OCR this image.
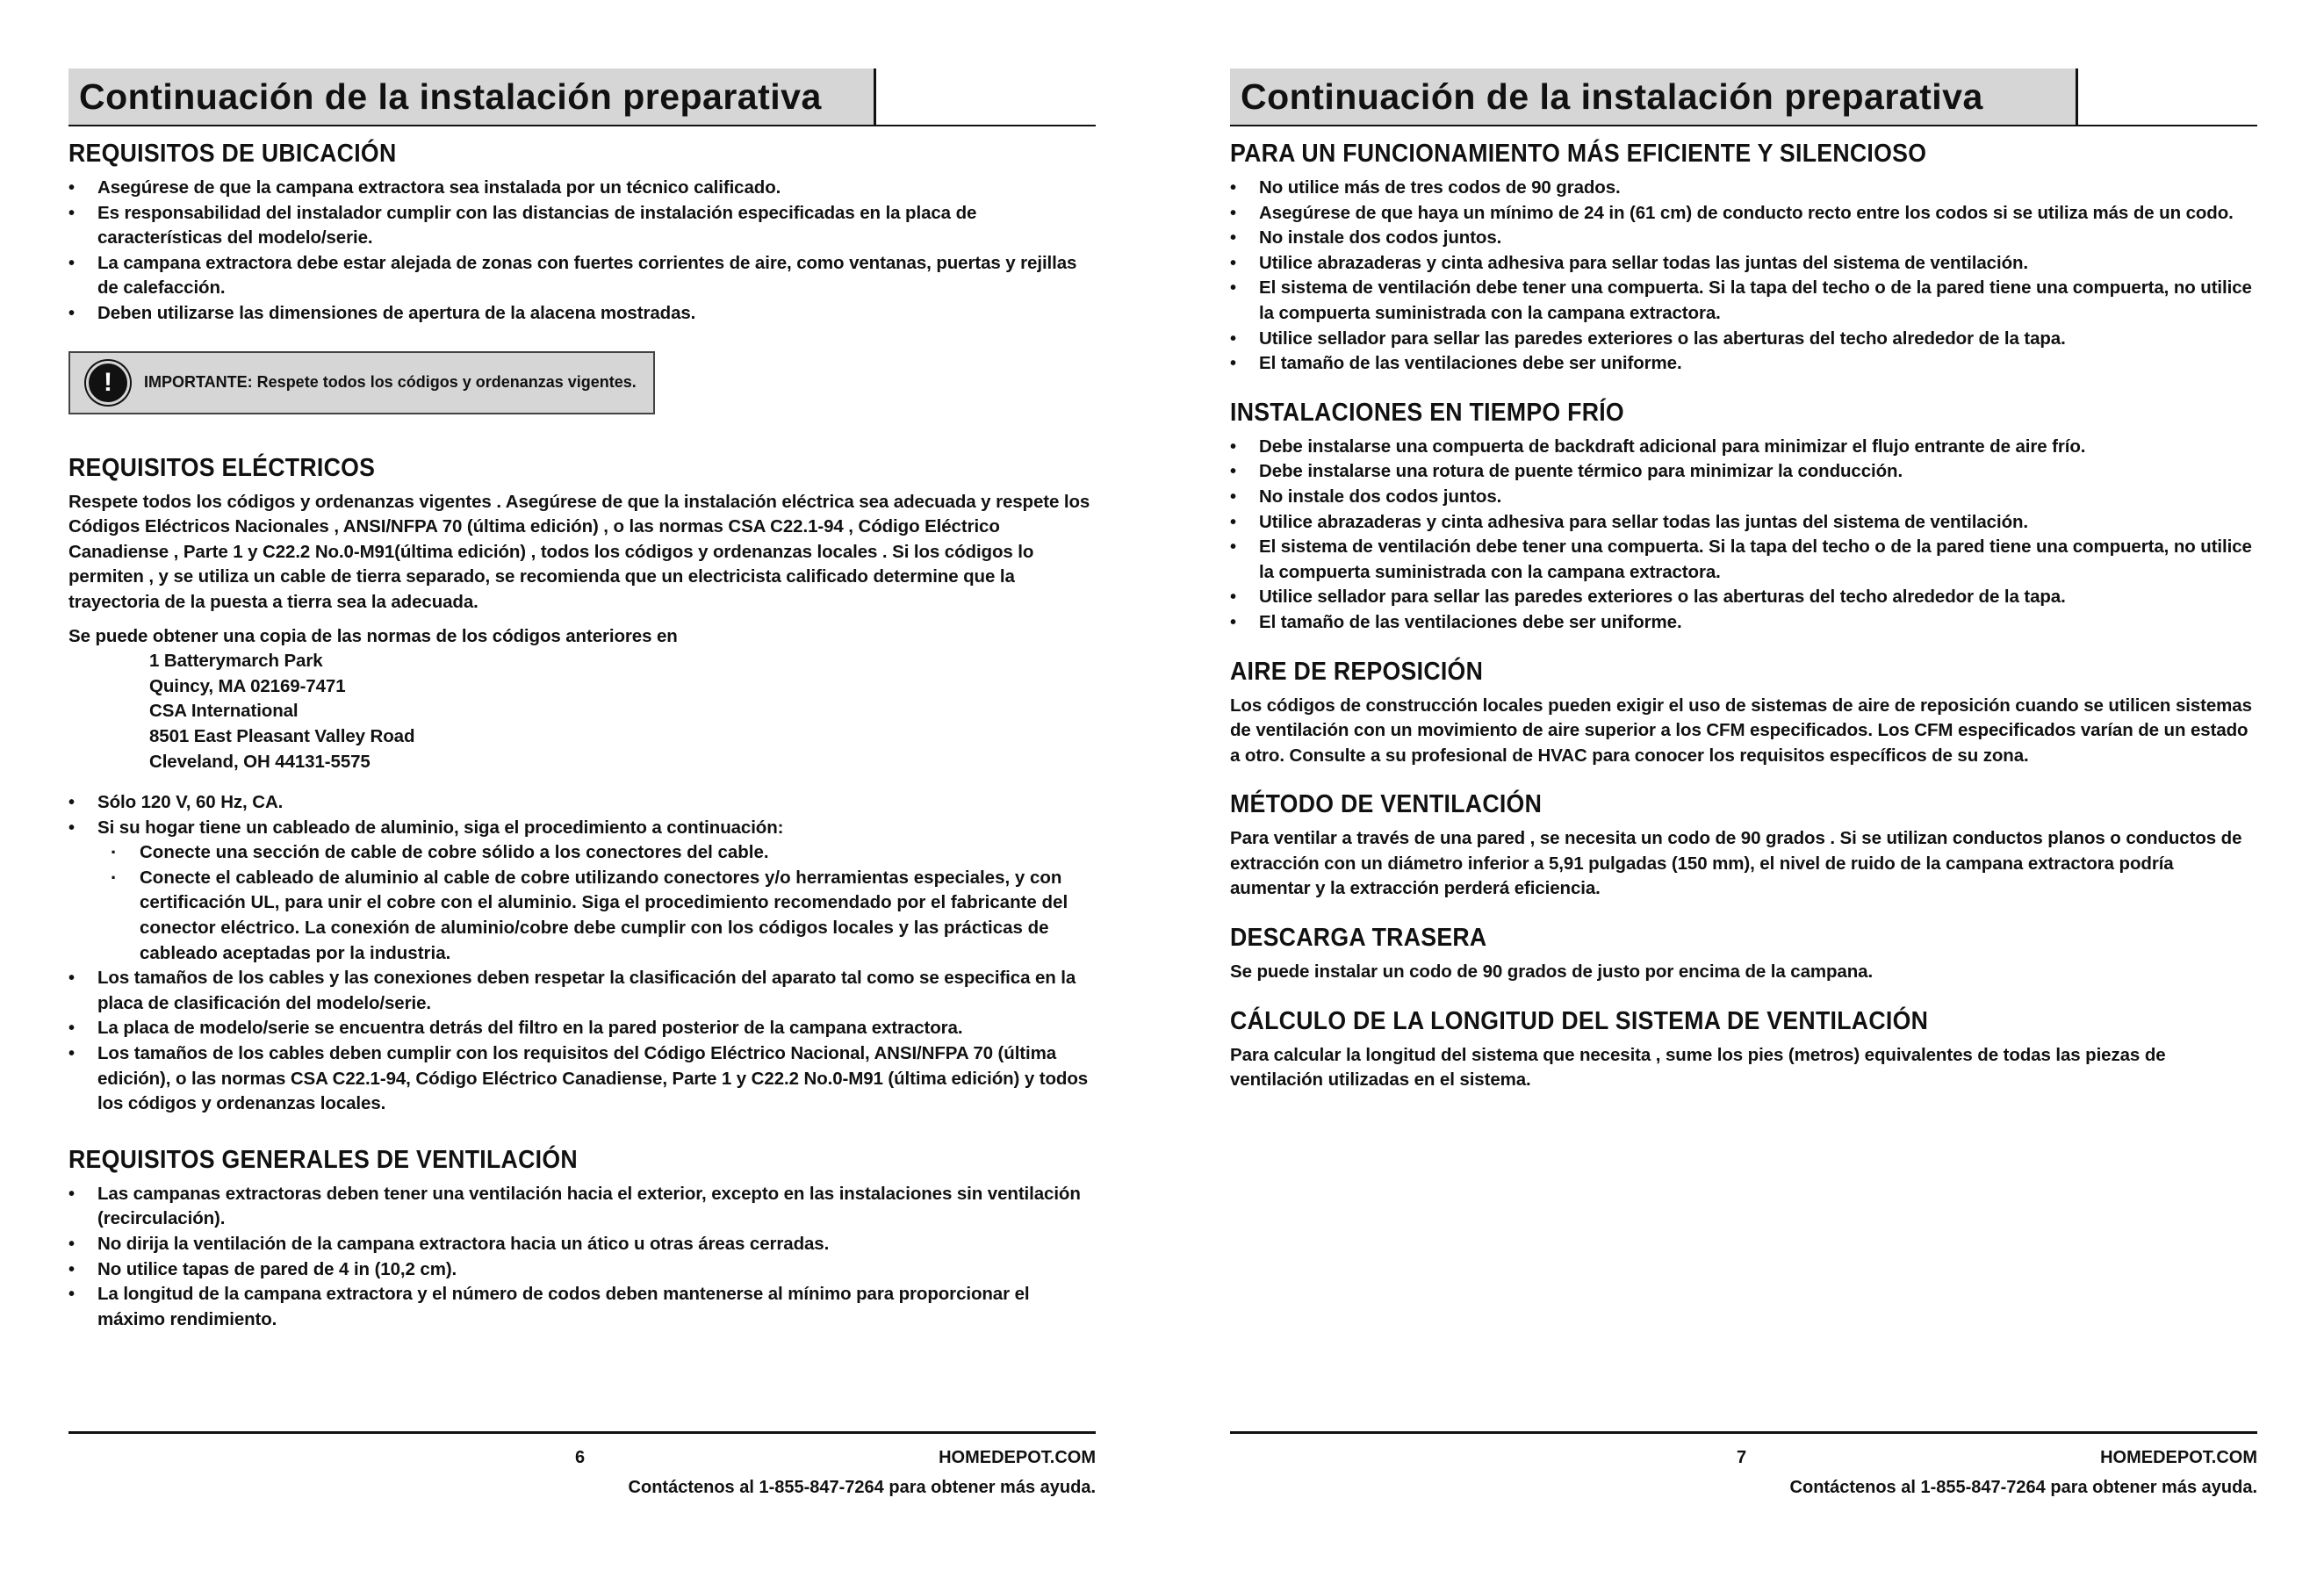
Continuación de la instalación preparativa
REQUISITOS DE UBICACIÓN
• Asegúrese de que la campana extractora sea instalada por un técnico calificado.
• Es responsabilidad del instalador cumplir con las distancias de instalación especificadas en la placa de características del modelo/serie.
• La campana extractora debe estar alejada de zonas con fuertes corrientes de aire, como ventanas, puertas y rejillas de calefacción.
• Deben utilizarse las dimensiones de apertura de la alacena mostradas.
!	IMPORTANTE: Respete todos los códigos y ordenanzas vigentes.
REQUISITOS ELÉCTRICOS

Respete todos los códigos y ordenanzas vigentes . Asegúrese de que la instalación eléctrica sea adecuada y respete los Códigos Eléctricos Nacionales , ANSI/NFPA 70 (última edición) , o las normas CSA C22.1-94 , Código Eléctrico Canadiense , Parte 1 y C22.2 No.0-M91(última edición) , todos los códigos y ordenanzas locales . Si los códigos lo permiten , y se utiliza un cable de tierra separado, se recomienda que un electricista calificado determine que la trayectoria de la puesta a tierra sea la adecuada.

Se puede obtener una copia de las normas de los códigos anteriores en

1 Batterymarch Park
Quincy, MA 02169-7471
CSA International
8501 East Pleasant Valley Road
Cleveland, OH 44131-5575
• Sólo 120 V, 60 Hz, CA.
• Si su hogar tiene un cableado de aluminio, siga el procedimiento a continuación:
· Conecte una sección de cable de cobre sólido a los conectores del cable.
· Conecte el cableado de aluminio al cable de cobre utilizando conectores y/o herramientas especiales, y con certificación UL, para unir el cobre con el aluminio. Siga el procedimiento recomendado por el fabricante del conector eléctrico. La conexión de aluminio/cobre debe cumplir con los códigos locales y las prácticas de cableado aceptadas por la industria.
• Los tamaños de los cables y las conexiones deben respetar la clasificación del aparato tal como se especifica en la placa de clasificación del modelo/serie.
• La placa de modelo/serie se encuentra detrás del filtro en la pared posterior de la campana extractora.
• Los tamaños de los cables deben cumplir con los requisitos del Código Eléctrico Nacional, ANSI/NFPA 70 (última edición), o las normas CSA C22.1-94, Código Eléctrico Canadiense, Parte 1 y C22.2 No.0-M91 (última edición) y todos los códigos y ordenanzas locales.
REQUISITOS GENERALES DE VENTILACIÓN
• Las campanas extractoras deben tener una ventilación hacia el exterior, excepto en las instalaciones sin ventilación (recirculación).
• No dirija la ventilación de la campana extractora hacia un ático u otras áreas cerradas.
• No utilice tapas de pared de 4 in (10,2 cm).
• La longitud de la campana extractora y el número de codos deben mantenerse al mínimo para proporcionar el máximo rendimiento.
6	HOMEDEPOT.COM
Contáctenos al 1-855-847-7264 para obtener más ayuda.
Continuación de la instalación preparativa
PARA UN FUNCIONAMIENTO MÁS EFICIENTE Y SILENCIOSO
• No utilice más de tres codos de 90 grados.
• Asegúrese de que haya un mínimo de 24 in (61 cm) de conducto recto entre los codos si se utiliza más de un codo.
• No instale dos codos juntos.
• Utilice abrazaderas y cinta adhesiva para sellar todas las juntas del sistema de ventilación.
• El sistema de ventilación debe tener una compuerta. Si la tapa del techo o de la pared tiene una compuerta, no utilice la compuerta suministrada con la campana extractora.
• Utilice sellador para sellar las paredes exteriores o las aberturas del techo alrededor de la tapa.
• El tamaño de las ventilaciones debe ser uniforme.
INSTALACIONES EN TIEMPO FRÍO
• Debe instalarse una compuerta de backdraft adicional para minimizar el flujo entrante de aire frío.
• Debe instalarse una rotura de puente térmico para minimizar la conducción.
• No instale dos codos juntos.
• Utilice abrazaderas y cinta adhesiva para sellar todas las juntas del sistema de ventilación.
• El sistema de ventilación debe tener una compuerta. Si la tapa del techo o de la pared tiene una compuerta, no utilice la compuerta suministrada con la campana extractora.
• Utilice sellador para sellar las paredes exteriores o las aberturas del techo alrededor de la tapa.
• El tamaño de las ventilaciones debe ser uniforme.
AIRE DE REPOSICIÓN

Los códigos de construcción locales pueden exigir el uso de sistemas de aire de reposición cuando se utilicen sistemas de ventilación con un movimiento de aire superior a los CFM especificados. Los CFM especificados varían de un estado a otro. Consulte a su profesional de HVAC para conocer los requisitos específicos de su zona.

MÉTODO DE VENTILACIÓN

Para ventilar a través de una pared , se necesita un codo de 90 grados . Si se utilizan conductos planos o conductos de extracción con un diámetro inferior a 5,91 pulgadas (150 mm), el nivel de ruido de la campana extractora podría aumentar y la extracción perderá eficiencia.

DESCARGA TRASERA

Se puede instalar un codo de 90 grados de justo por encima de la campana.

CÁLCULO DE LA LONGITUD DEL SISTEMA DE VENTILACIÓN

Para calcular la longitud del sistema que necesita , sume los pies (metros) equivalentes de todas las piezas de ventilación utilizadas en el sistema.

7	HOMEDEPOT.COM
Contáctenos al 1-855-847-7264 para obtener más ayuda.
